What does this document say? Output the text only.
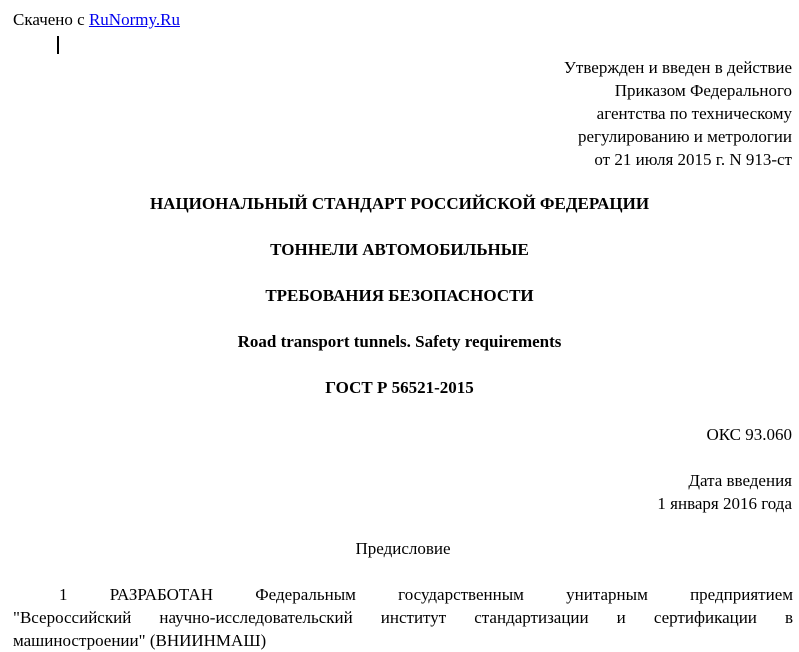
Скачено с RuNormy.Ru
Утвержден и введен в действие
Приказом Федерального
агентства по техническому
регулированию и метрологии
от 21 июля 2015 г. N 913-ст
НАЦИОНАЛЬНЫЙ СТАНДАРТ РОССИЙСКОЙ ФЕДЕРАЦИИ
ТОННЕЛИ АВТОМОБИЛЬНЫЕ
ТРЕБОВАНИЯ БЕЗОПАСНОСТИ
Road transport tunnels. Safety requirements
ГОСТ Р 56521-2015
ОКС 93.060
Дата введения
1 января 2016 года
Предисловие
1 РАЗРАБОТАН Федеральным государственным унитарным предприятием
"Всероссийский научно-исследовательский институт стандартизации и сертификации в
машиностроении" (ВНИИНМАШ)
